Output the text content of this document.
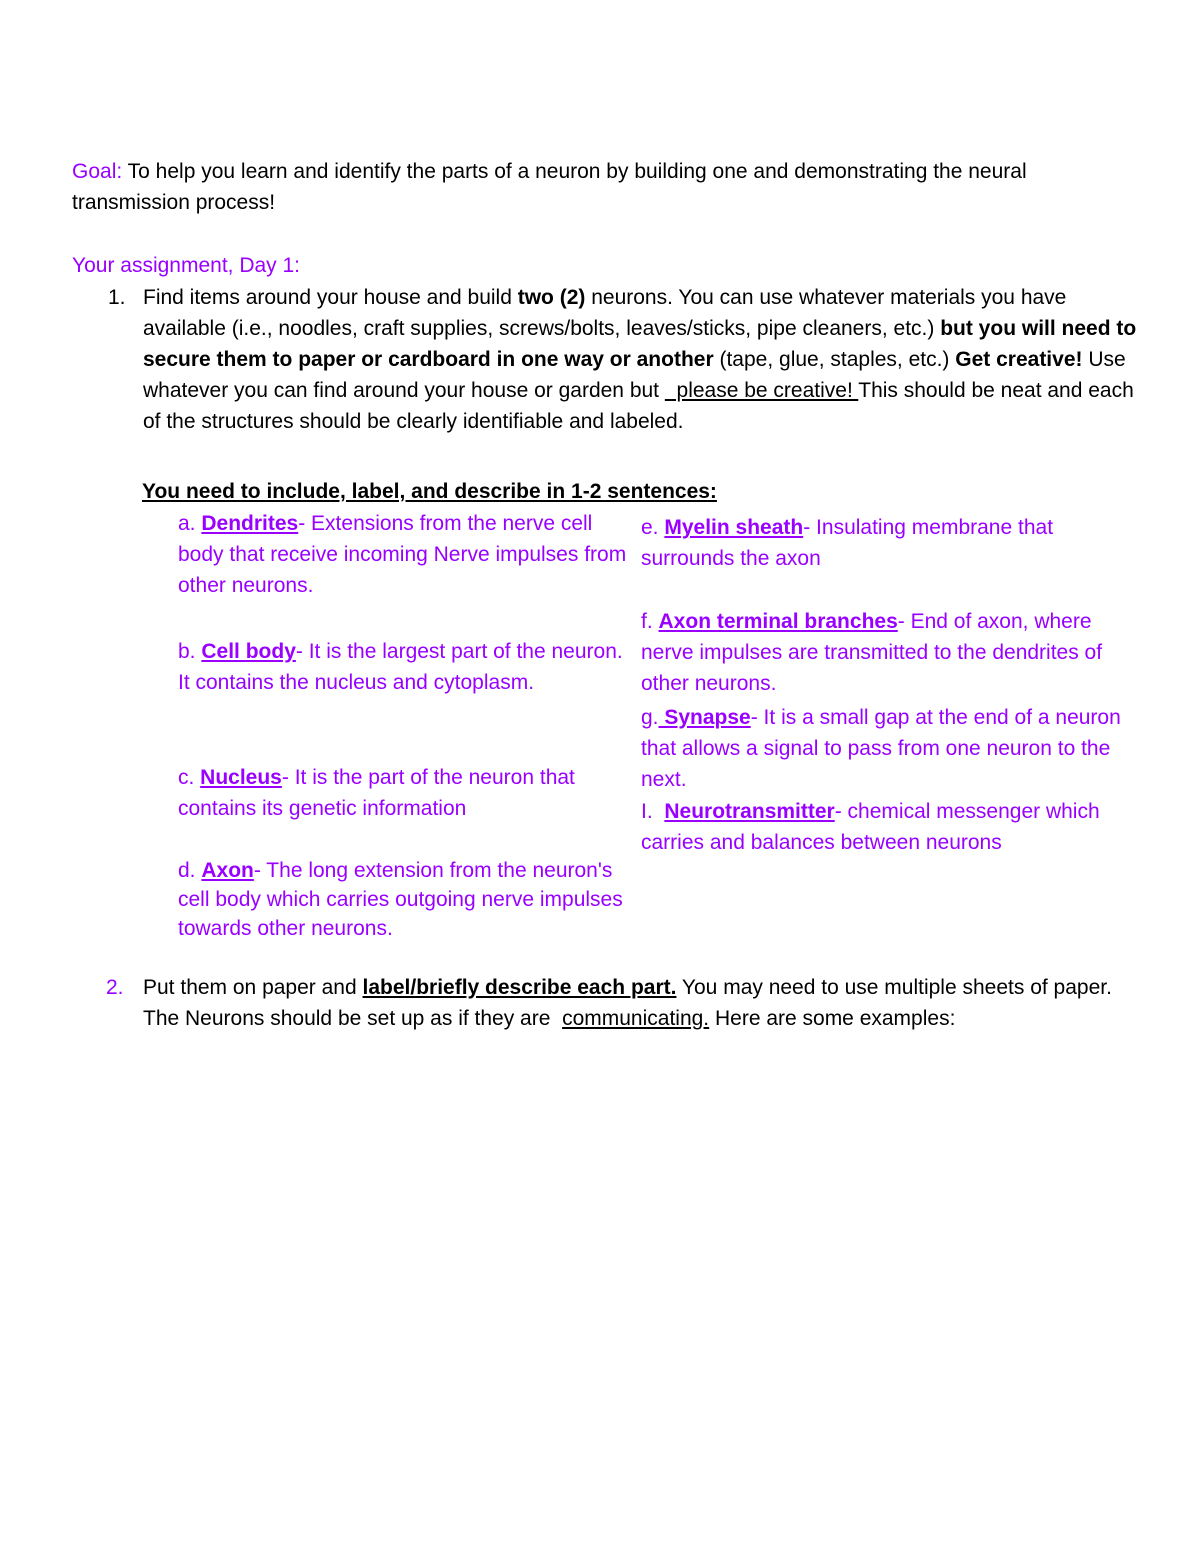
Goal: To help you learn and identify the parts of a neuron by building one and demonstrating the neural transmission process!
Your assignment, Day 1:
1. Find items around your house and build two (2) neurons. You can use whatever materials you have available (i.e., noodles, craft supplies, screws/bolts, leaves/sticks, pipe cleaners, etc.) but you will need to secure them to paper or cardboard in one way or another (tape, glue, staples, etc.) Get creative! Use whatever you can find around your house or garden but   please be creative! This should be neat and each of the structures should be clearly identifiable and labeled.

You need to include, label, and describe in 1-2 sentences:
a. Dendrites- Extensions from the nerve cell body that receive incoming Nerve impulses from other neurons.
b. Cell body- It is the largest part of the neuron. It contains the nucleus and cytoplasm.
c. Nucleus- It is the part of the neuron that contains its genetic information
d. Axon- The long extension from the neuron's cell body which carries outgoing nerve impulses towards other neurons.
e. Myelin sheath- Insulating membrane that surrounds the axon
f. Axon terminal branches- End of axon, where nerve impulses are transmitted to the dendrites of other neurons.
g. Synapse- It is a small gap at the end of a neuron that allows a signal to pass from one neuron to the next.
I.  Neurotransmitter- chemical messenger which carries and balances between neurons
2. Put them on paper and label/briefly describe each part. You may need to use multiple sheets of paper.  The Neurons should be set up as if they are  communicating. Here are some examples:
